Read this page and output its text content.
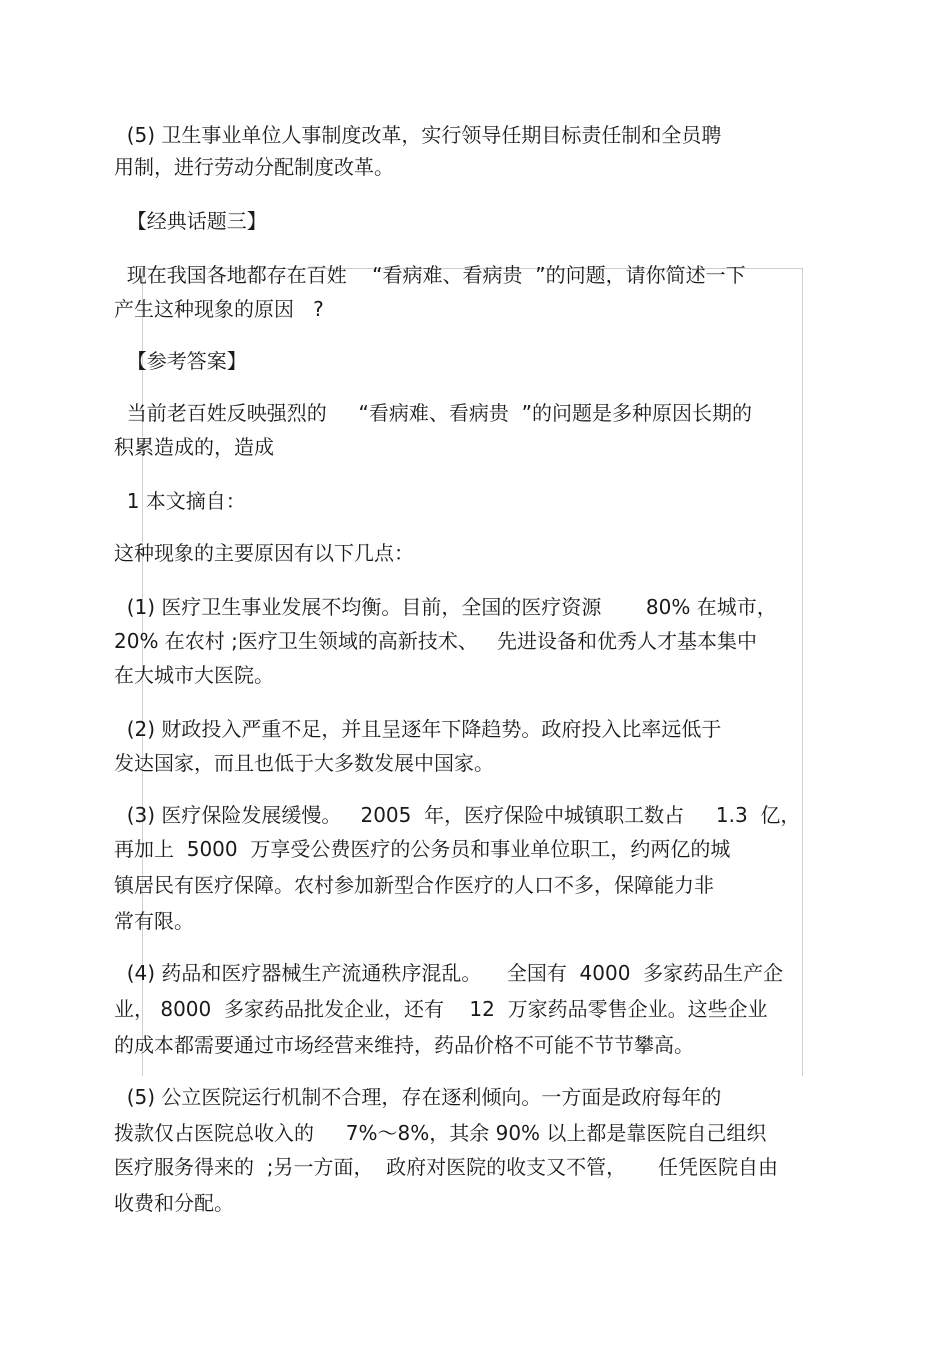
(5) 卫生事业单位人事制度改革，实行领导任期目标责任制和全员聘
用制，进行劳动分配制度改革。
【经典话题三】
现在我国各地都存在百姓    “看病难、看病贵  ”的问题，请你简述一下
产生这种现象的原因   ?
【参考答案】
当前老百姓反映强烈的     “看病难、看病贵  ”的问题是多种原因长期的
积累造成的，造成
1 本文摘自：
这种现象的主要原因有以下几点：
(1) 医疗卫生事业发展不均衡。目前，全国的医疗资源       80% 在城市，
20% 在农村 ;医疗卫生领域的高新技术、   先进设备和优秀人才基本集中
在大城市大医院。
(2) 财政投入严重不足，并且呈逐年下降趋势。政府投入比率远低于
发达国家，而且也低于大多数发展中国家。
(3) 医疗保险发展缓慢。   2005  年，医疗保险中城镇职工数占     1.3  亿，
再加上  5000  万享受公费医疗的公务员和事业单位职工，约两亿的城
镇居民有医疗保障。农村参加新型合作医疗的人口不多，保障能力非
常有限。
(4) 药品和医疗器械生产流通秩序混乱。    全国有  4000  多家药品生产企
业， 8000  多家药品批发企业，还有    12  万家药品零售企业。这些企业
的成本都需要通过市场经营来维持，药品价格不可能不节节攀高。
(5) 公立医院运行机制不合理，存在逐利倾向。一方面是政府每年的
拨款仅占医院总收入的     7%～8%，其余 90% 以上都是靠医院自己组织
医疗服务得来的  ;另一方面，  政府对医院的收支又不管，     任凭医院自由
收费和分配。
